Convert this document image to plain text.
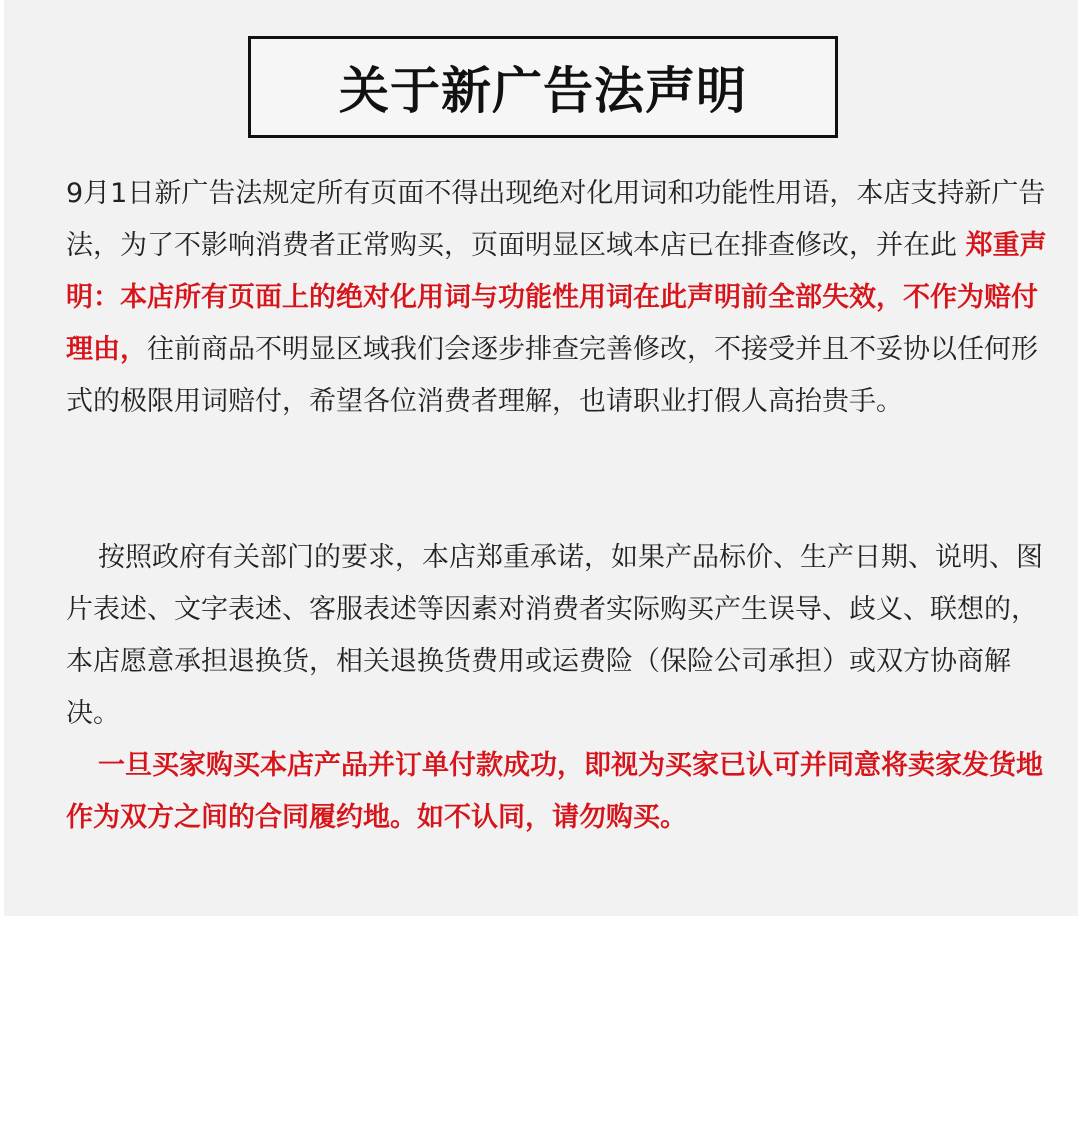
关于新广告法声明

9月1日新广告法规定所有页面不得出现绝对化用词和功能性用语，本店支持新广告法，为了不影响消费者正常购买，页面明显区域本店已在排查修改，并在此 郑重声明：本店所有页面上的绝对化用词与功能性用词在此声明前全部失效，不作为赔付理由，往前商品不明显区域我们会逐步排查完善修改，不接受并且不妥协以任何形式的极限用词赔付，希望各位消费者理解，也请职业打假人高抬贵手。

按照政府有关部门的要求，本店郑重承诺，如果产品标价、生产日期、说明、图片表述、文字表述、客服表述等因素对消费者实际购买产生误导、歧义、联想的，本店愿意承担退换货，相关退换货费用或运费险（保险公司承担）或双方协商解决。

一旦买家购买本店产品并订单付款成功，即视为买家已认可并同意将卖家发货地作为双方之间的合同履约地。如不认同，请勿购买。
